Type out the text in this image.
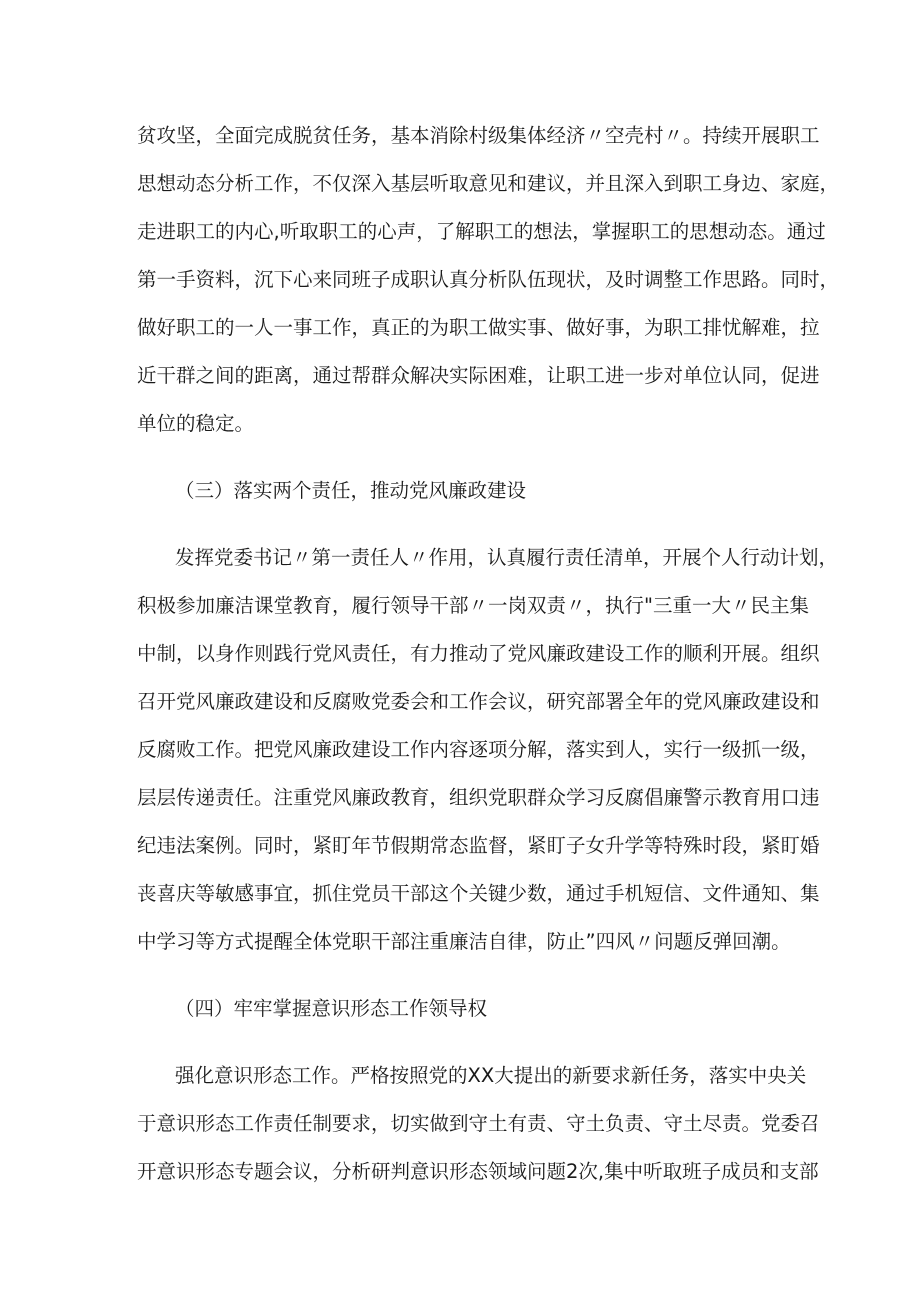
贫攻坚，全面完成脱贫任务，基本消除村级集体经济〃空壳村〃。持续开展职工

思想动态分析工作，不仅深入基层听取意见和建议，并且深入到职工身边、家庭，

走进职工的内心,听取职工的心声，了解职工的想法，掌握职工的思想动态。通过

第一手资料，沉下心来同班子成职认真分析队伍现状，及时调整工作思路。同时，

做好职工的一人一事工作，真正的为职工做实事、做好事，为职工排忧解难，拉

近干群之间的距离，通过帮群众解决实际困难，让职工进一步对单位认同，促进

单位的稳定。

（三）落实两个责任，推动党风廉政建设

发挥党委书记〃第一责任人〃作用，认真履行责任清单，开展个人行动计划，

积极参加廉洁课堂教育，履行领导干部〃一岗双责〃，执行"三重一大〃民主集

中制，以身作则践行党风责任，有力推动了党风廉政建设工作的顺利开展。组织

召开党风廉政建设和反腐败党委会和工作会议，研究部署全年的党风廉政建设和

反腐败工作。把党风廉政建设工作内容逐项分解，落实到人，实行一级抓一级，

层层传递责任。注重党风廉政教育，组织党职群众学习反腐倡廉警示教育用口违

纪违法案例。同时，紧盯年节假期常态监督，紧盯子女升学等特殊时段，紧盯婚

丧喜庆等敏感事宜，抓住党员干部这个关键少数，通过手机短信、文件通知、集

中学习等方式提醒全体党职干部注重廉洁自律，防止”四风〃问题反弹回潮。

（四）牢牢掌握意识形态工作领导权

强化意识形态工作。严格按照党的XX大提出的新要求新任务，落实中央关

于意识形态工作责任制要求，切实做到守土有责、守土负责、守土尽责。党委召

开意识形态专题会议，分析研判意识形态领域问题2次,集中听取班子成员和支部
